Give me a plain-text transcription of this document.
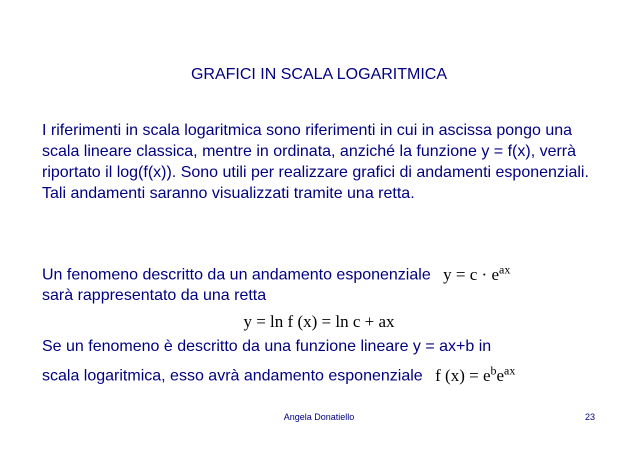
GRAFICI IN SCALA LOGARITMICA
I riferimenti in scala logaritmica sono riferimenti in cui in ascissa pongo una scala lineare classica, mentre in ordinata, anziché la funzione y = f(x), verrà riportato il log(f(x)). Sono utili per realizzare grafici di andamenti esponenziali. Tali andamenti saranno visualizzati tramite una retta.
Un fenomeno descritto da un andamento esponenziale $y = c \cdot e^{ax}$
sarà rappresentato da una retta
y = ln f (x) = ln c + ax
Se un fenomeno è descritto da una funzione lineare y = ax+b in
scala logaritmica, esso avrà andamento esponenziale f $(x) = e^be^{ax}$
Angela Donatiello	23
